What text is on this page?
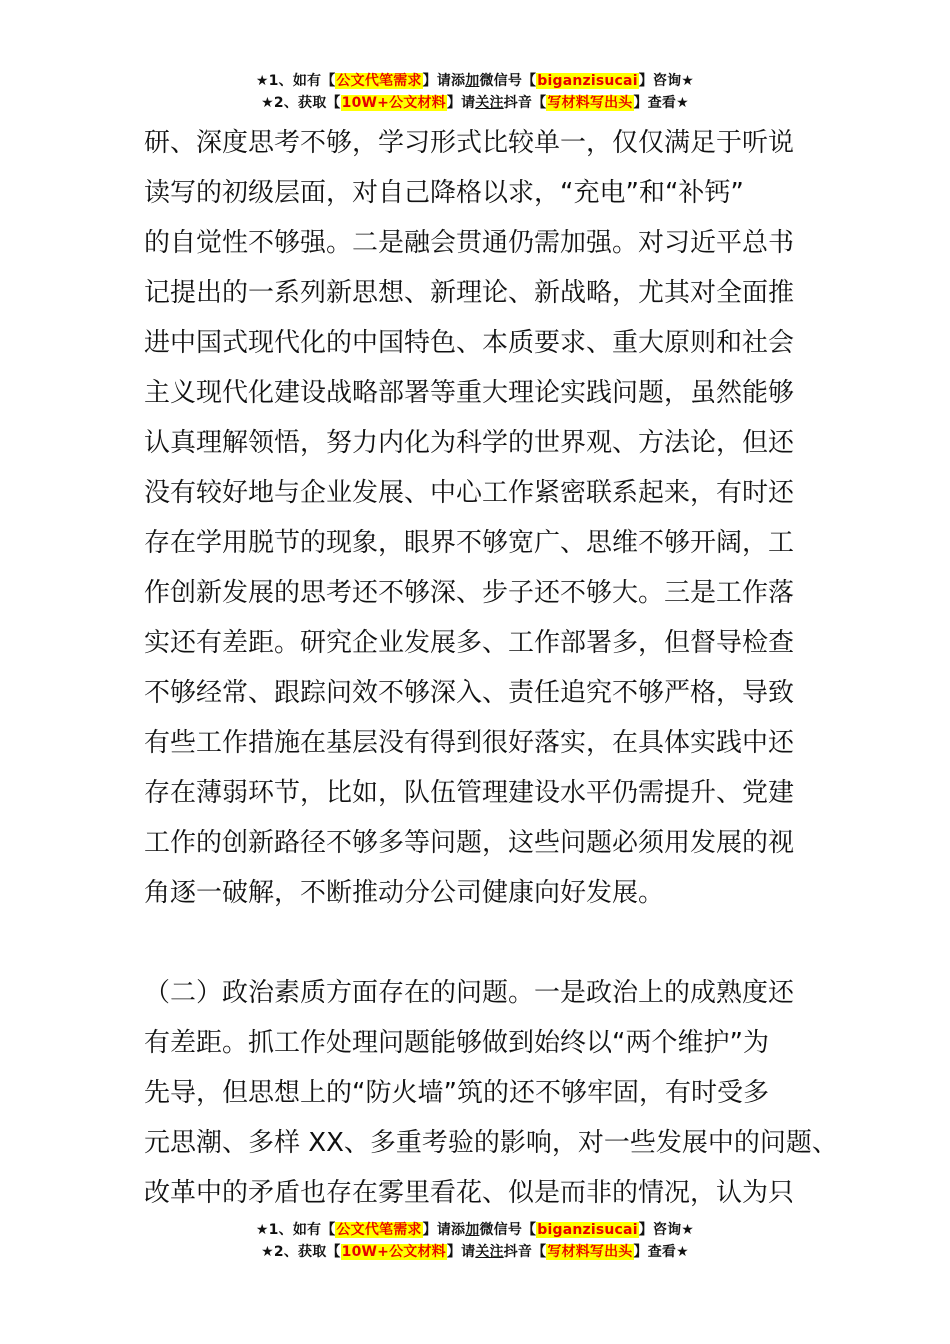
★1、如有【公文代笔需求】请添加微信号【biganzisucai】咨询★
★2、获取【10W+公文材料】请关注抖音【写材料写出头】查看★
研、深度思考不够，学习形式比较单一，仅仅满足于听说
读写的初级层面，对自己降格以求，“充电”和“补钙”
的自觉性不够强。二是融会贯通仍需加强。对习近平总书
记提出的一系列新思想、新理论、新战略，尤其对全面推
进中国式现代化的中国特色、本质要求、重大原则和社会
主义现代化建设战略部署等重大理论实践问题，虽然能够
认真理解领悟，努力内化为科学的世界观、方法论，但还
没有较好地与企业发展、中心工作紧密联系起来，有时还
存在学用脱节的现象，眼界不够宽广、思维不够开阔，工
作创新发展的思考还不够深、步子还不够大。三是工作落
实还有差距。研究企业发展多、工作部署多，但督导检查
不够经常、跟踪问效不够深入、责任追究不够严格，导致
有些工作措施在基层没有得到很好落实，在具体实践中还
存在薄弱环节，比如，队伍管理建设水平仍需提升、党建
工作的创新路径不够多等问题，这些问题必须用发展的视
角逐一破解，不断推动分公司健康向好发展。
（二）政治素质方面存在的问题。一是政治上的成熟度还
有差距。抓工作处理问题能够做到始终以“两个维护”为
先导，但思想上的“防火墙”筑的还不够牢固，有时受多
元思潮、多样 XX、多重考验的影响，对一些发展中的问题、
改革中的矛盾也存在雾里看花、似是而非的情况，认为只
★1、如有【公文代笔需求】请添加微信号【biganzisucai】咨询★
★2、获取【10W+公文材料】请关注抖音【写材料写出头】查看★
